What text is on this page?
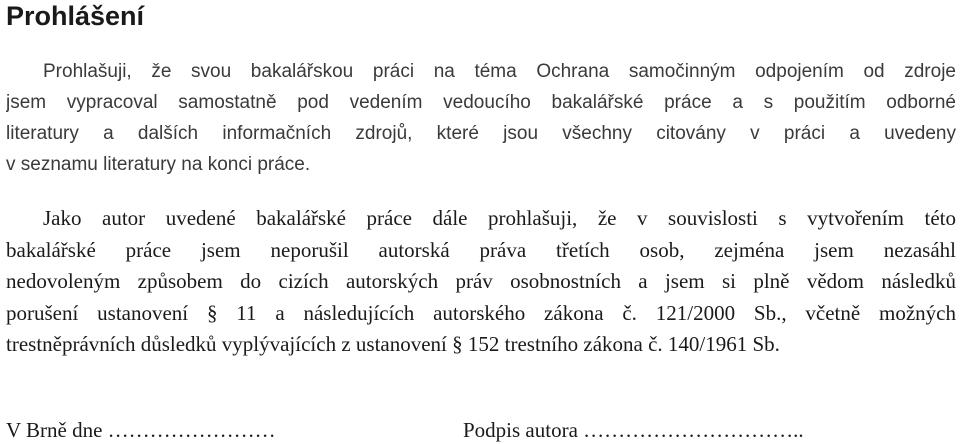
Prohlášení
Prohlašuji, že svou bakalářskou práci na téma Ochrana samočinným odpojením od zdroje
jsem vypracoval samostatně pod vedením vedoucího bakalářské práce a s použitím odborné
literatury a dalších informačních zdrojů, které jsou všechny citovány v práci a uvedeny
v seznamu literatury na konci práce.
Jako autor uvedené bakalářské práce dále prohlašuji, že v souvislosti s vytvořením této
bakalářské práce jsem neporušil autorská práva třetích osob, zejména jsem nezasáhl
nedovoleným způsobem do cizích autorských práv osobnostních a jsem si plně vědom následků
porušení ustanovení § 11 a následujících autorského zákona č. 121/2000 Sb., včetně možných
trestněprávních důsledků vyplývajících z ustanovení § 152 trestního zákona č. 140/1961 Sb.
V Brně dne ……………………	Podpis autora …………………………..
